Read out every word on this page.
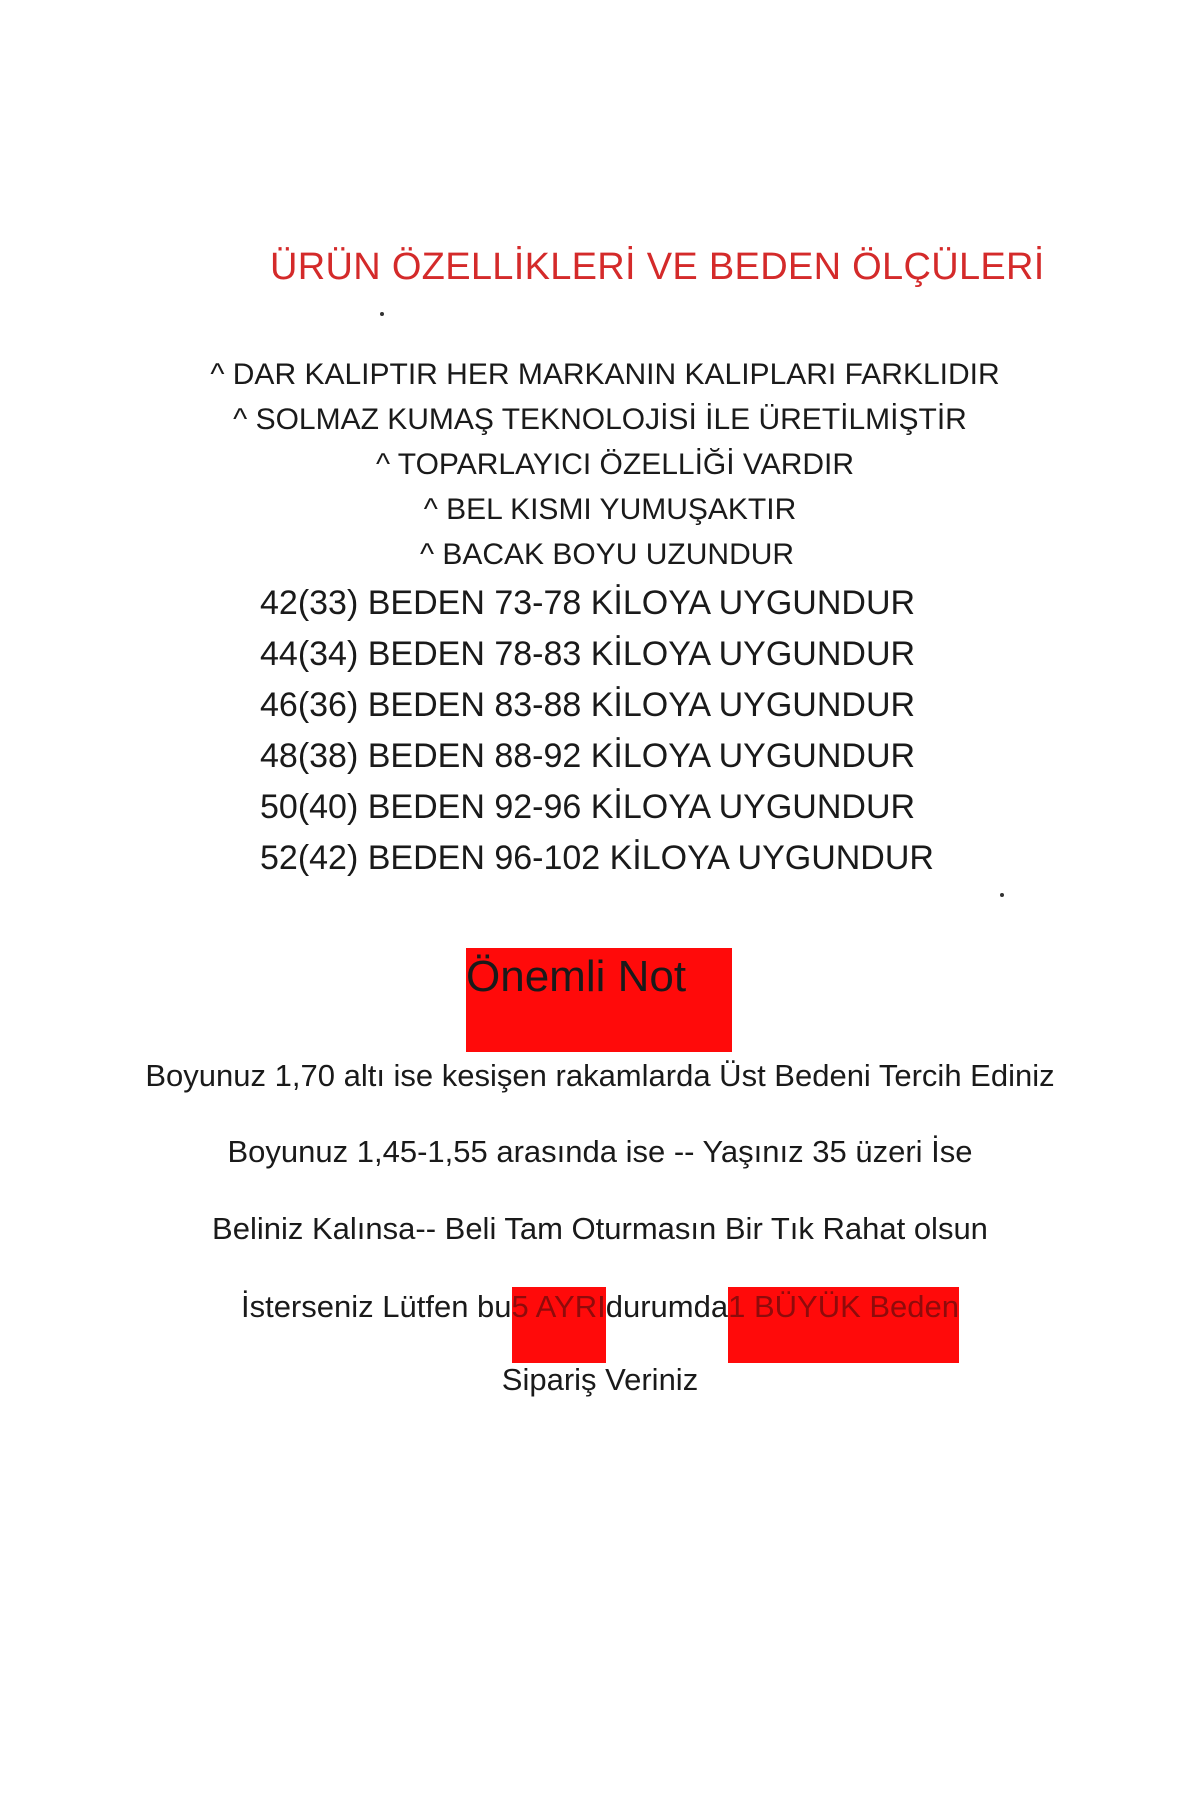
ÜRÜN ÖZELLİKLERİ VE BEDEN ÖLÇÜLERİ
^ DAR KALIPTIR HER MARKANIN KALIPLARI FARKLIDIR
^ SOLMAZ KUMAŞ TEKNOLOJİSİ İLE ÜRETİLMİŞTİR
^ TOPARLAYICI ÖZELLİĞİ VARDIR
^ BEL KISMI YUMUŞAKTIR
^ BACAK BOYU UZUNDUR
42(33) BEDEN 73-78 KİLOYA UYGUNDUR
44(34) BEDEN 78-83 KİLOYA UYGUNDUR
46(36) BEDEN 83-88 KİLOYA UYGUNDUR
48(38) BEDEN 88-92 KİLOYA UYGUNDUR
50(40) BEDEN 92-96 KİLOYA UYGUNDUR
52(42) BEDEN 96-102 KİLOYA UYGUNDUR
Önemli Not
Boyunuz 1,70 altı ise kesişen rakamlarda Üst Bedeni Tercih Ediniz
Boyunuz 1,45-1,55 arasında ise -- Yaşınız 35 üzeri İse
Beliniz Kalınsa-- Beli Tam Oturmasın Bir Tık Rahat olsun
İsterseniz Lütfen bu5 AYRIdurumda1 BÜYÜK Beden
Sipariş Veriniz
